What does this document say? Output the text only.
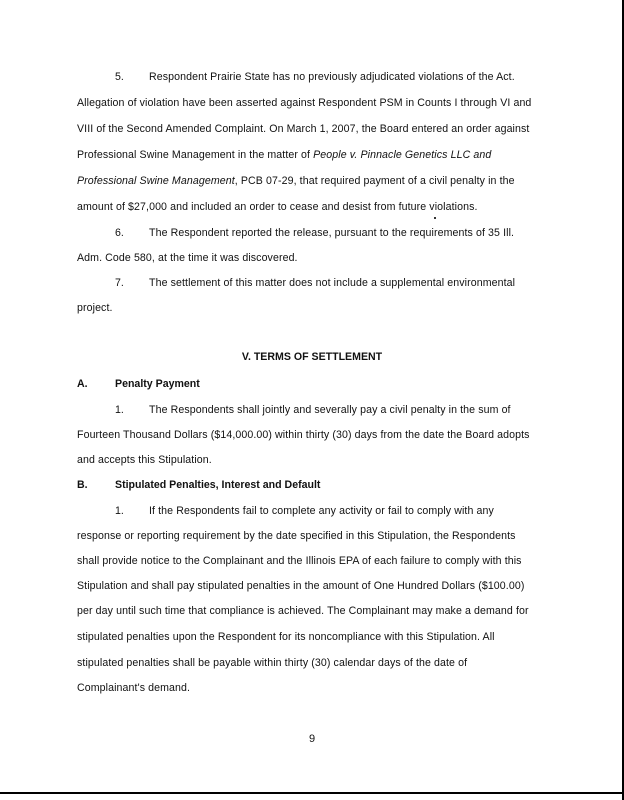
5. Respondent Prairie State has no previously adjudicated violations of the Act.
Allegation of violation have been asserted against Respondent PSM in Counts I through VI and
VIII of the Second Amended Complaint. On March 1, 2007, the Board entered an order against
Professional Swine Management in the matter of People v. Pinnacle Genetics LLC and
Professional Swine Management, PCB 07-29, that required payment of a civil penalty in the
amount of $27,000 and included an order to cease and desist from future violations.
6. The Respondent reported the release, pursuant to the requirements of 35 Ill.
Adm. Code 580, at the time it was discovered.
7. The settlement of this matter does not include a supplemental environmental
project.
V. TERMS OF SETTLEMENT
A.	Penalty Payment
1. The Respondents shall jointly and severally pay a civil penalty in the sum of
Fourteen Thousand Dollars ($14,000.00) within thirty (30) days from the date the Board adopts
and accepts this Stipulation.
B.	Stipulated Penalties, Interest and Default
1. If the Respondents fail to complete any activity or fail to comply with any
response or reporting requirement by the date specified in this Stipulation, the Respondents
shall provide notice to the Complainant and the Illinois EPA of each failure to comply with this
Stipulation and shall pay stipulated penalties in the amount of One Hundred Dollars ($100.00)
per day until such time that compliance is achieved. The Complainant may make a demand for
stipulated penalties upon the Respondent for its noncompliance with this Stipulation. All
stipulated penalties shall be payable within thirty (30) calendar days of the date of
Complainant's demand.
9
